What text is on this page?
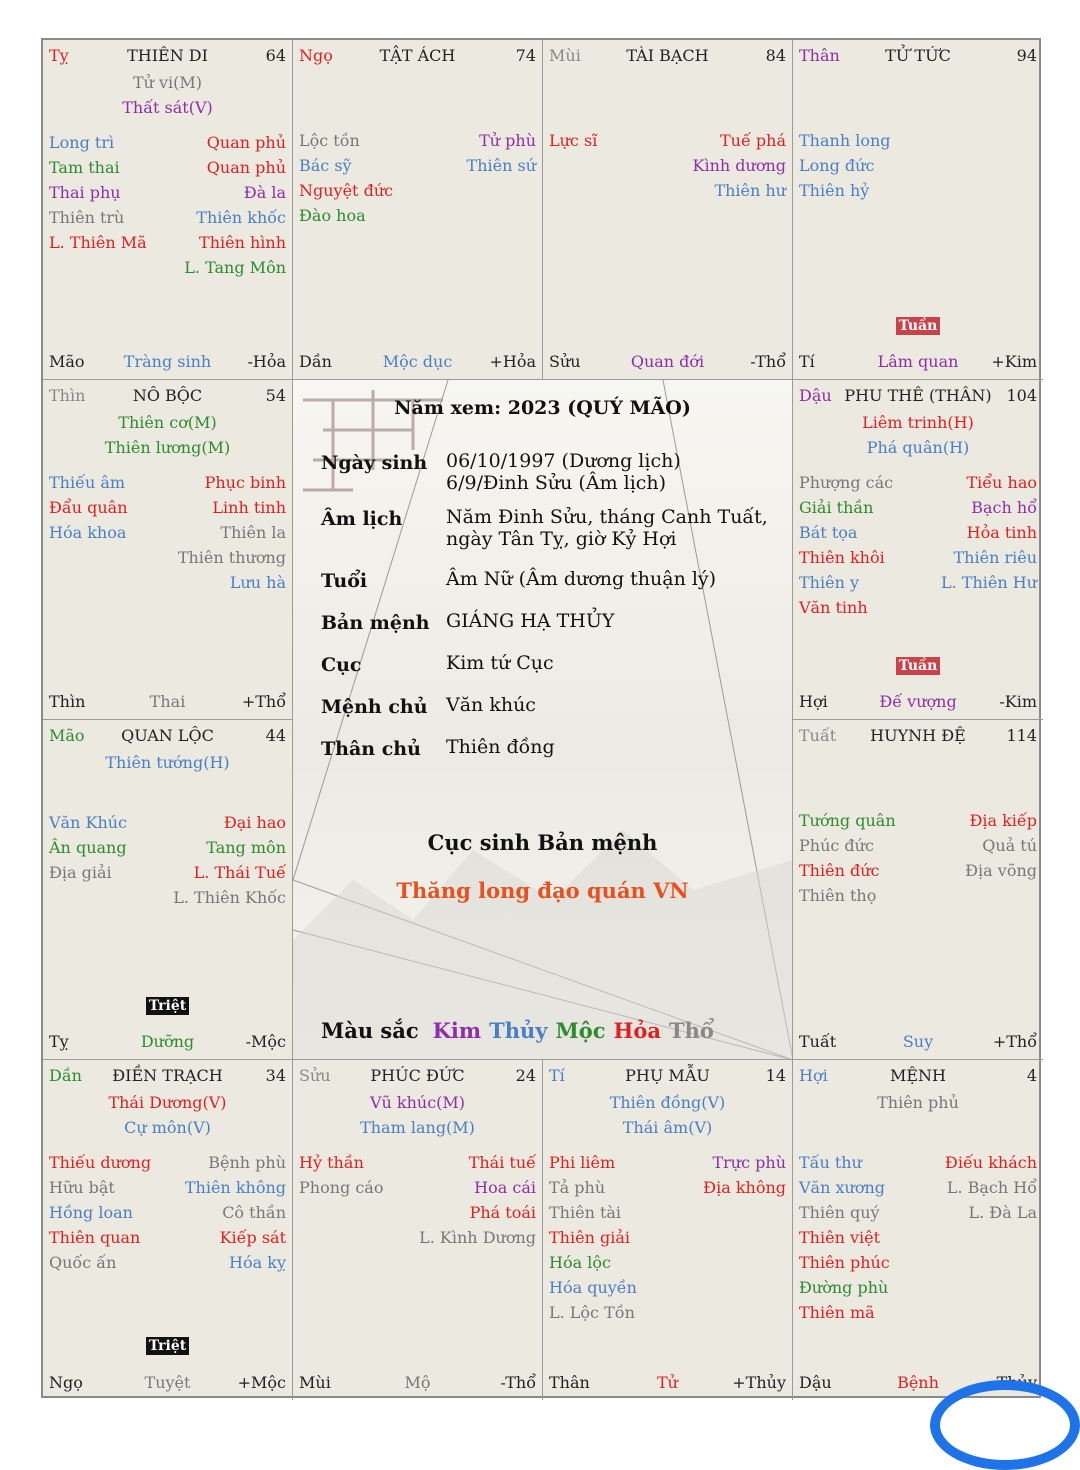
Tỵ	THIÊN DI	64
Tử vi(M)
Thất sát(V)
Long trì	Quan phủ
Tam thai	Quan phủ
Thai phụ	Đà la
Thiên trù	Thiên khốc
L. Thiên Mã	Thiên hình
L. Tang Môn
Mão	Tràng sinh	-Hỏa
Ngọ	TẬT ÁCH	74
Lộc tồn	Tử phù
Bác sỹ	Thiên sứ
Nguyệt đức
Đào hoa
Dần	Mộc dục	+Hỏa
Mùi	TÀI BẠCH	84
Lực sĩ	Tuế phá
Kình dương
Thiên hư
Sửu	Quan đới	-Thổ
Thân	TỬ TỨC	94
Thanh long
Long đức
Thiên hỷ
Tuần
Tí	Lâm quan	+Kim
Thìn	NÔ BỘC	54
Thiên cơ(M)
Thiên lương(M)
Thiếu âm	Phục binh
Đẩu quân	Linh tinh
Hóa khoa	Thiên la
Thiên thương
Lưu hà
Thìn	Thai	+Thổ
Dậu PHU THÊ (THÂN) 104
Liêm trinh(H)
Phá quân(H)
Phượng các	Tiểu hao
Giải thần	Bạch hổ
Bát tọa	Hỏa tinh
Thiên khôi	Thiên riêu
Thiên y	L. Thiên Hư
Văn tinh
Tuần
Hợi	Đế vượng	-Kim
Mão	QUAN LỘC	44
Thiên tướng(H)
Văn Khúc	Đại hao
Ân quang	Tang môn
Địa giải	L. Thái Tuế
L. Thiên Khốc
Triệt
Tỵ	Dưỡng	-Mộc
Tuất	HUYNH ĐỆ	114
Tướng quân	Địa kiếp
Phúc đức	Quả tú
Thiên đức	Địa võng
Thiên thọ
Tuất	Suy	+Thổ
Dần	ĐIỀN TRẠCH	34
Thái Dương(V)
Cự môn(V)
Thiếu dương	Bệnh phù
Hữu bật	Thiên không
Hồng loan	Cô thần
Thiên quan	Kiếp sát
Quốc ấn	Hóa kỵ
Triệt
Ngọ	Tuyệt	+Mộc
Sửu	PHÚC ĐỨC	24
Vũ khúc(M)
Tham lang(M)
Hỷ thần	Thái tuế
Phong cáo	Hoa cái
Phá toái
L. Kình Dương
Mùi	Mộ	-Thổ
Tí	PHỤ MẪU	14
Thiên đồng(V)
Thái âm(V)
Phi liêm	Trực phù
Tả phù	Địa không
Thiên tài
Thiên giải
Hóa lộc
Hóa quyền
L. Lộc Tồn
Thân	Tử	+Thủy
Hợi	MỆNH	4
Thiên phủ
Tấu thư	Điếu khách
Văn xương	L. Bạch Hổ
Thiên quý	L. Đà La
Thiên việt
Thiên phúc
Đường phù
Thiên mã
Dậu	Bệnh	-Thủy
Năm xem: 2023 (QUÝ MÃO)
Ngày sinh 06/10/1997 (Dương lịch)
6/9/Đinh Sửu (Âm lịch)
Âm lịch Năm Đinh Sửu, tháng Canh Tuất,
ngày Tân Tỵ, giờ Kỷ Hợi
Tuổi	Âm Nữ (Âm dương thuận lý)
Bản mệnh GIÁNG HẠ THỦY
Cục	Kim tứ Cục
Mệnh chủ Văn khúc
Thân chủ Thiên đồng
Cục sinh Bản mệnh
Thăng long đạo quán VN
Màu sắc Kim Thủy Mộc Hỏa Thổ
